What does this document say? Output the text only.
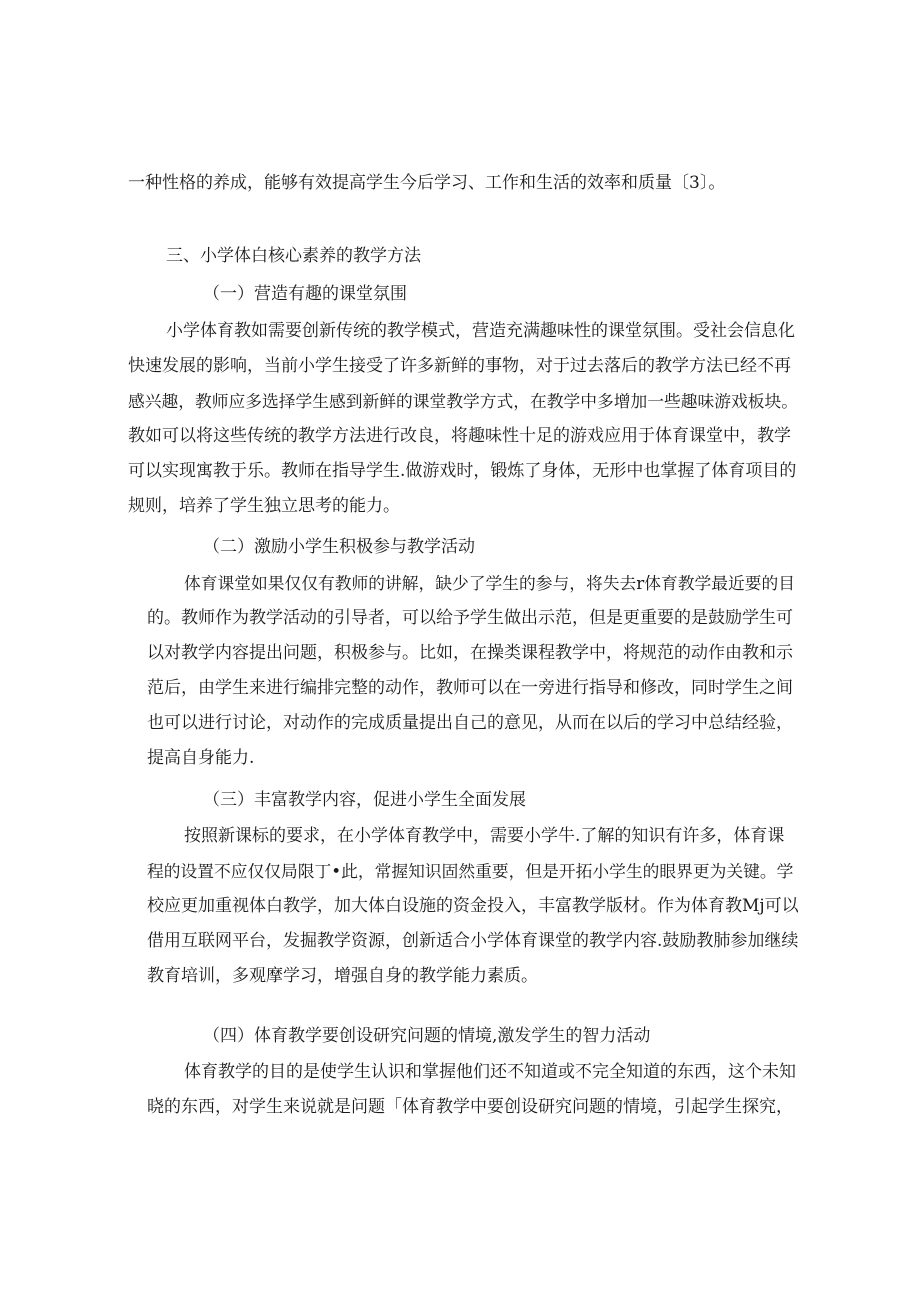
一种性格的养成，能够有效提高学生今后学习、工作和生活的效率和质量〔3〕。
三、小学体白核心素养的教学方法
（一）营造有趣的课堂氛围
小学体育教如需要创新传统的教学模式，营造充满趣味性的课堂氛围。受社会信息化
快速发展的影响，当前小学生接受了许多新鲜的事物，对于过去落后的教学方法已经不再
感兴趣，教师应多选择学生感到新鲜的课堂教学方式，在教学中多增加一些趣味游戏板块。
教如可以将这些传统的教学方法进行改良，将趣味性十足的游戏应用于体育课堂中，教学
可以实现寓教于乐。教师在指导学生.做游戏时，锻炼了身体，无形中也掌握了体育项目的
规则，培养了学生独立思考的能力。
（二）激励小学生积极参与教学活动
体育课堂如果仅仅有教师的讲解，缺少了学生的参与，将失去r体育教学最近要的目
的。教师作为教学活动的引导者，可以给予学生做出示范，但是更重要的是鼓励学生可
以对教学内容提出问题，积极参与。比如，在操类课程教学中，将规范的动作由教和示
范后，由学生来进行编排完整的动作，教师可以在一旁进行指导和修改，同时学生之间
也可以进行讨论，对动作的完成质量提出自己的意见，从而在以后的学习中总结经验，
提高自身能力.
（三）丰富教学内容，促进小学生全面发展
按照新课标的要求，在小学体育教学中，需要小学牛.了解的知识有许多，体育课
程的设置不应仅仅局限丁•此，常握知识固然重要，但是开拓小学生的眼界更为关键。学
校应更加重视体白教学，加大体白设施的资金投入，丰富教学版材。作为体育教Mj可以
借用互联网平台，发掘教学资源，创新适合小学体育课堂的教学内容.鼓励教肺参加继续
教育培训，多观摩学习，增强自身的教学能力素质。
（四）体育教学要创设研究问题的情境,激发学生的智力活动
体育教学的目的是使学生认识和掌握他们还不知道或不完全知道的东西，这个未知
晓的东西，对学生来说就是问题「体育教学中要创设研究问题的情境，引起学生探究，
